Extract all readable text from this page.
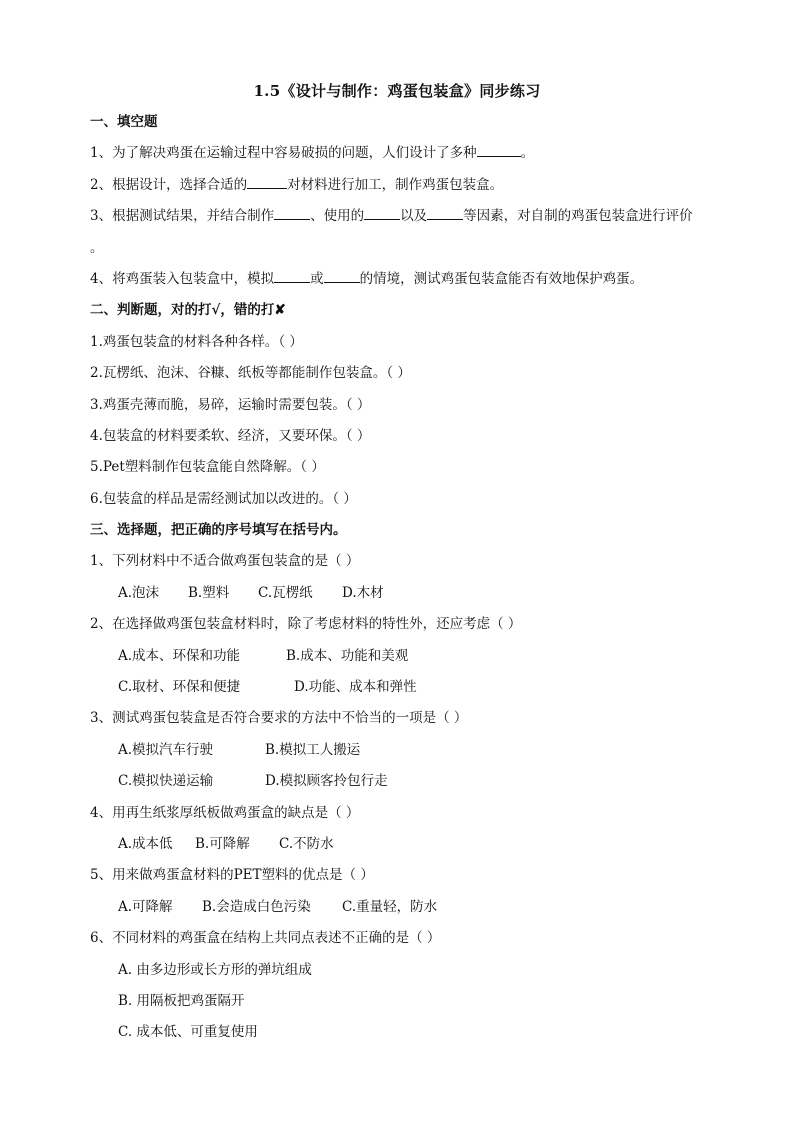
1.5《设计与制作：鸡蛋包装盒》同步练习
一、填空题
1、为了解决鸡蛋在运输过程中容易破损的问题，人们设计了多种	。
2、根据设计，选择合适的	对材料进行加工，制作鸡蛋包装盒。
3、根据测试结果，并结合制作	、使用的	以及	等因素，对自制的鸡蛋包装盒进行评价
。
4、将鸡蛋装入包装盒中，模拟	或	的情境，测试鸡蛋包装盒能否有效地保护鸡蛋。
二、判断题，对的打√，错的打✘
1.鸡蛋包装盒的材料各种各样。（ ）
2.瓦楞纸、泡沫、谷糠、纸板等都能制作包装盒。（ ）
3.鸡蛋壳薄而脆，易碎，运输时需要包装。（ ）
4.包装盒的材料要柔软、经济，又要环保。（ ）
5.Pet塑料制作包装盒能自然降解。（ ）
6.包装盒的样品是需经测试加以改进的。（ ）
三、选择题，把正确的序号填写在括号内。
1、下列材料中不适合做鸡蛋包装盒的是（ ）
A.泡沫 B.塑料 C.瓦楞纸 D.木材
2、在选择做鸡蛋包装盒材料时，除了考虑材料的特性外，还应考虑（ ）
A.成本、环保和功能	B.成本、功能和美观
C.取材、环保和便捷	D.功能、成本和弹性
3、测试鸡蛋包装盒是否符合要求的方法中不恰当的一项是（ ）
A.模拟汽车行驶	B.模拟工人搬运
C.模拟快递运输	D.模拟顾客拎包行走
4、用再生纸浆厚纸板做鸡蛋盒的缺点是（ ）
A.成本低 B.可降解 C.不防水
5、用来做鸡蛋盒材料的PET塑料的优点是（ ）
A.可降解 B.会造成白色污染 C.重量轻，防水
6、不同材料的鸡蛋盒在结构上共同点表述不正确的是（ ）
A. 由多边形或长方形的弹坑组成
B. 用隔板把鸡蛋隔开
C. 成本低、可重复使用
